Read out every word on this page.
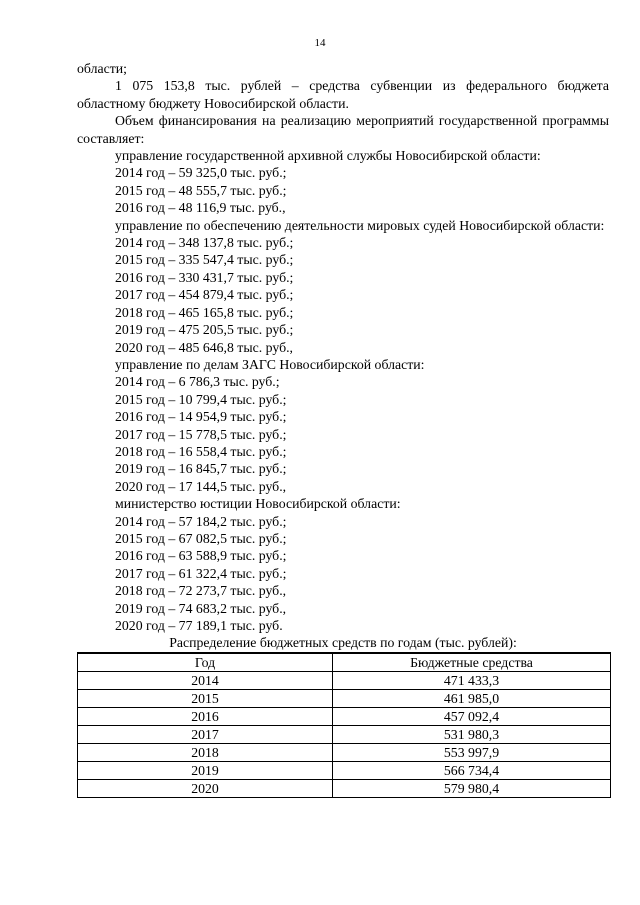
14

области;

1 075 153,8 тыс. рублей – средства субвенции из федерального бюджета областному бюджету Новосибирской области.

Объем финансирования на реализацию мероприятий государственной программы составляет:

управление государственной архивной службы Новосибирской области:

2014 год – 59 325,0 тыс. руб.;

2015 год – 48 555,7 тыс. руб.;

2016 год – 48 116,9 тыс. руб.,

управление по обеспечению деятельности мировых судей Новосибирской области:

2014 год – 348 137,8 тыс. руб.;

2015 год – 335 547,4 тыс. руб.;

2016 год – 330 431,7 тыс. руб.;

2017 год – 454 879,4 тыс. руб.;

2018 год – 465 165,8 тыс. руб.;

2019 год – 475 205,5 тыс. руб.;

2020 год – 485 646,8 тыс. руб.,

управление по делам ЗАГС Новосибирской области:

2014 год – 6 786,3 тыс. руб.;

2015 год – 10 799,4 тыс. руб.;

2016 год – 14 954,9 тыс. руб.;

2017 год – 15 778,5 тыс. руб.;

2018 год – 16 558,4 тыс. руб.;

2019 год – 16 845,7 тыс. руб.;

2020 год – 17 144,5 тыс. руб.,

министерство юстиции Новосибирской области:

2014 год – 57 184,2 тыс. руб.;

2015 год – 67 082,5 тыс. руб.;

2016 год – 63 588,9 тыс. руб.;

2017 год – 61 322,4 тыс. руб.;

2018 год – 72 273,7 тыс. руб.,

2019 год – 74 683,2 тыс. руб.,

2020 год – 77 189,1 тыс. руб.

Распределение бюджетных средств по годам (тыс. рублей):

Год	Бюджетные средства
2014	471 433,3
2015	461 985,0
2016	457 092,4
2017	531 980,3
2018	553 997,9
2019	566 734,4
2020	579 980,4
